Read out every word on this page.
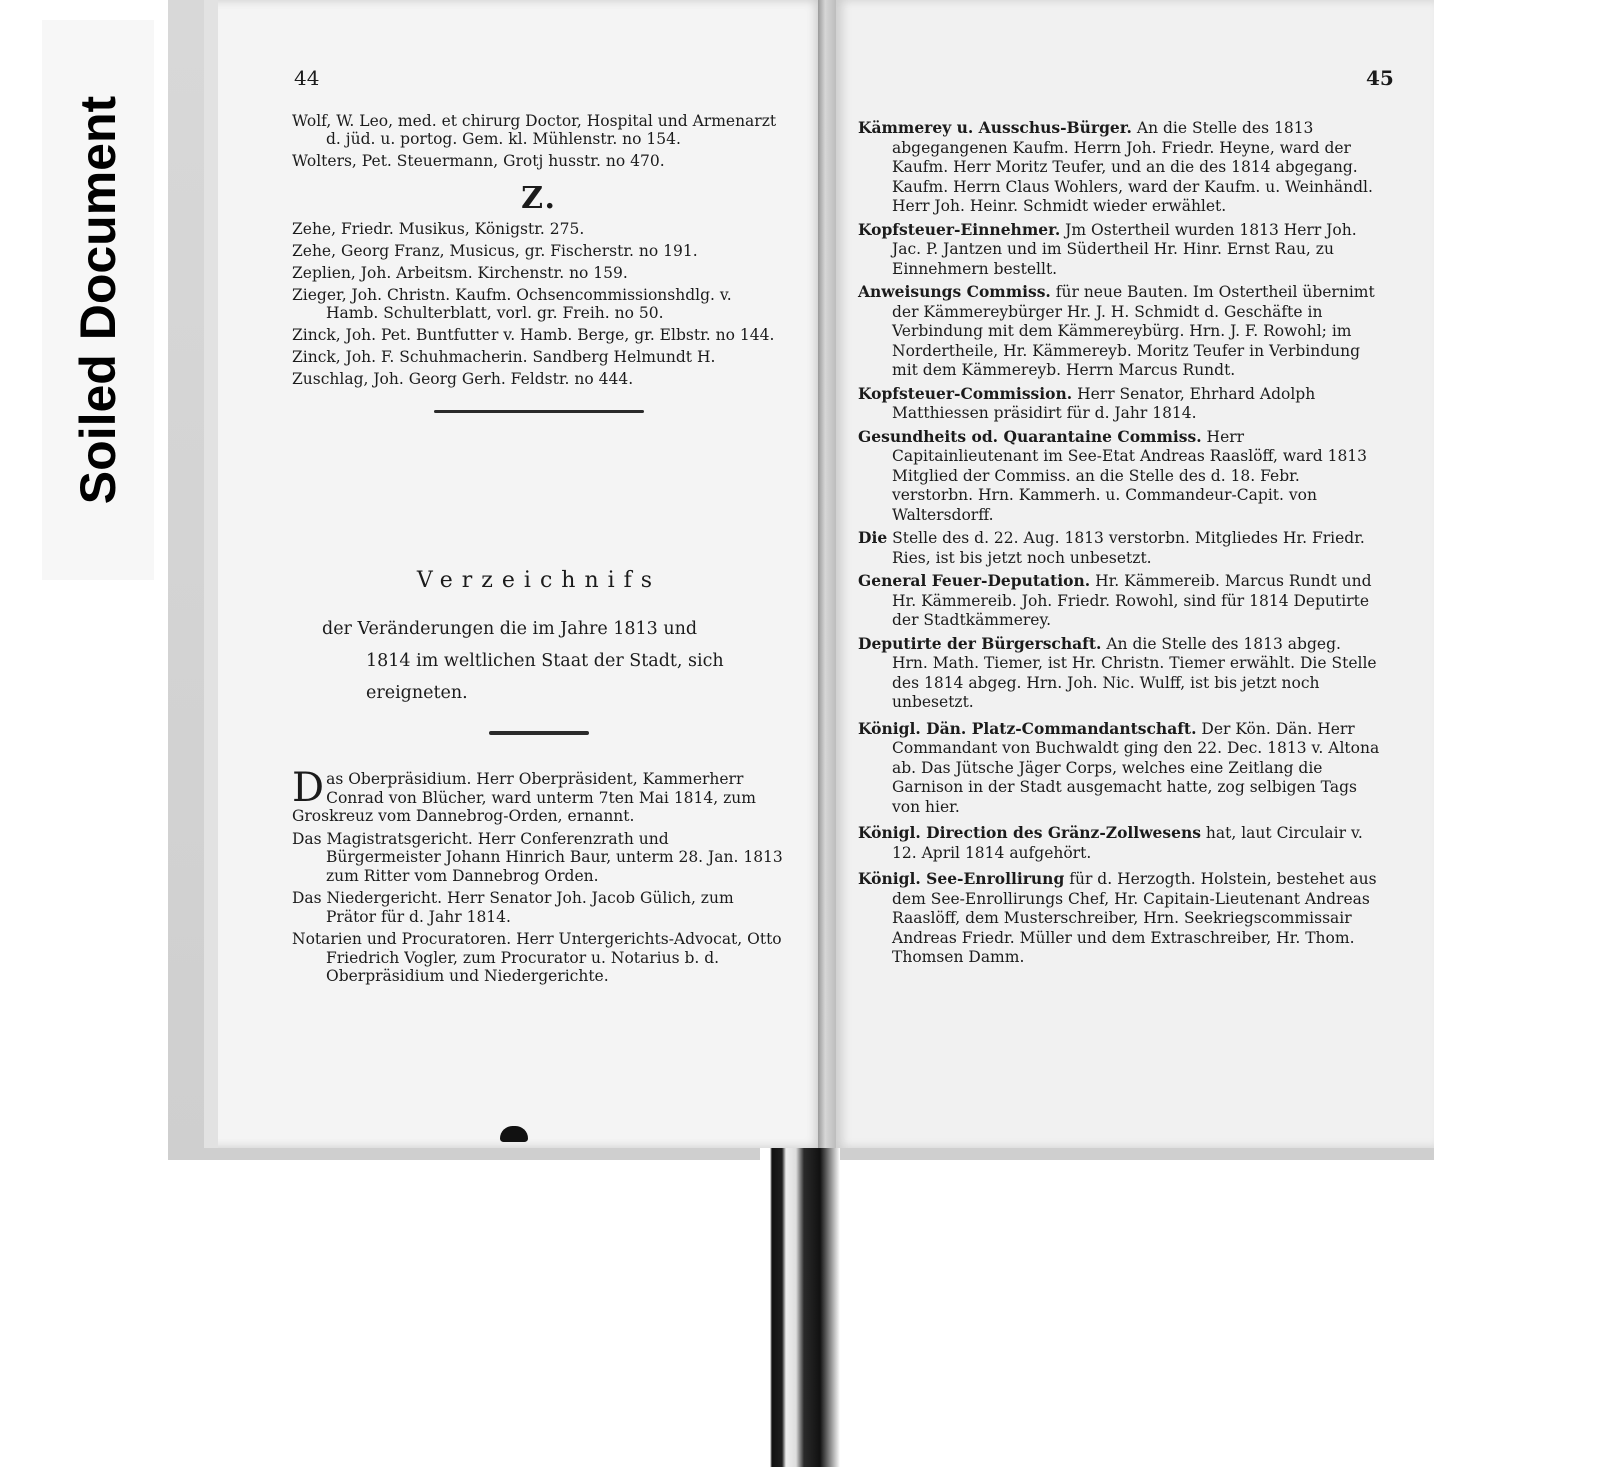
Soiled Document
44
Wolf, W. Leo, med. et chirurg Doctor, Hospital und Armenarzt d. jüd. u. portog. Gem. kl. Mühlenstr. no 154.
Wolters, Pet. Steuermann, Grotj husstr. no 470.
Z.
Zehe, Friedr. Musikus, Königstr. 275.
Zehe, Georg Franz, Musicus, gr. Fischerstr. no 191.
Zeplien, Joh. Arbeitsm. Kirchenstr. no 159.
Zieger, Joh. Christn. Kaufm. Ochsencommissionshdlg. v. Hamb. Schulterblatt, vorl. gr. Freih. no 50.
Zinck, Joh. Pet. Buntfutter v. Hamb. Berge, gr. Elbstr. no 144.
Zinck, Joh. F. Schuhmacherin. Sandberg Helmundt H.
Zuschlag, Joh. Georg Gerh. Feldstr. no 444.
Verzeichnifs
der Veränderungen die im Jahre 1813 und
1814 im weltlichen Staat der Stadt, sich
ereigneten.
D as Oberpräsidium. Herr Oberpräsident, Kammerherr Conrad von Blücher, ward unterm 7ten Mai 1814, zum Groskreuz vom Dannebrog-Orden, ernannt.
Das Magistratsgericht. Herr Conferenzrath und Bürgermeister Johann Hinrich Baur, unterm 28. Jan. 1813 zum Ritter vom Dannebrog Orden.
Das Niedergericht. Herr Senator Joh. Jacob Gülich, zum Prätor für d. Jahr 1814.
Notarien und Procuratoren. Herr Untergerichts-Advocat, Otto Friedrich Vogler, zum Procurator u. Notarius b. d. Oberpräsidium und Niedergerichte.
45
Kämmerey u. Ausschus-Bürger. An die Stelle des 1813 abgegangenen Kaufm. Herrn Joh. Friedr. Heyne, ward der Kaufm. Herr Moritz Teufer, und an die des 1814 abgegang. Kaufm. Herrn Claus Wohlers, ward der Kaufm. u. Weinhändl. Herr Joh. Heinr. Schmidt wieder erwählet.
Kopfsteuer-Einnehmer. Jm Ostertheil wurden 1813 Herr Joh. Jac. P. Jantzen und im Südertheil Hr. Hinr. Ernst Rau, zu Einnehmern bestellt.
Anweisungs Commiss. für neue Bauten. Im Ostertheil übernimt der Kämmereybürger Hr. J. H. Schmidt d. Geschäfte in Verbindung mit dem Kämmereybürg. Hrn. J. F. Rowohl; im Nordertheile, Hr. Kämmereyb. Moritz Teufer in Verbindung mit dem Kämmereyb. Herrn Marcus Rundt.
Kopfsteuer-Commission. Herr Senator, Ehrhard Adolph Matthiessen präsidirt für d. Jahr 1814.
Gesundheits od. Quarantaine Commiss. Herr Capitainlieutenant im See-Etat Andreas Raaslöff, ward 1813 Mitglied der Commiss. an die Stelle des d. 18. Febr. verstorbn. Hrn. Kammerh. u. Commandeur-Capit. von Waltersdorff.
Die Stelle des d. 22. Aug. 1813 verstorbn. Mitgliedes Hr. Friedr. Ries, ist bis jetzt noch unbesetzt.
General Feuer-Deputation. Hr. Kämmereib. Marcus Rundt und Hr. Kämmereib. Joh. Friedr. Rowohl, sind für 1814 Deputirte der Stadtkämmerey.
Deputirte der Bürgerschaft. An die Stelle des 1813 abgeg. Hrn. Math. Tiemer, ist Hr. Christn. Tiemer erwählt. Die Stelle des 1814 abgeg. Hrn. Joh. Nic. Wulff, ist bis jetzt noch unbesetzt.
Königl. Dän. Platz-Commandantschaft. Der Kön. Dän. Herr Commandant von Buchwaldt ging den 22. Dec. 1813 v. Altona ab. Das Jütsche Jäger Corps, welches eine Zeitlang die Garnison in der Stadt ausgemacht hatte, zog selbigen Tags von hier.
Königl. Direction des Gränz-Zollwesens hat, laut Circulair v. 12. April 1814 aufgehört.
Königl. See-Enrollirung für d. Herzogth. Holstein, bestehet aus dem See-Enrollirungs Chef, Hr. Capitain-Lieutenant Andreas Raaslöff, dem Musterschreiber, Hrn. Seekriegscommissair Andreas Friedr. Müller und dem Extraschreiber, Hr. Thom. Thomsen Damm.
